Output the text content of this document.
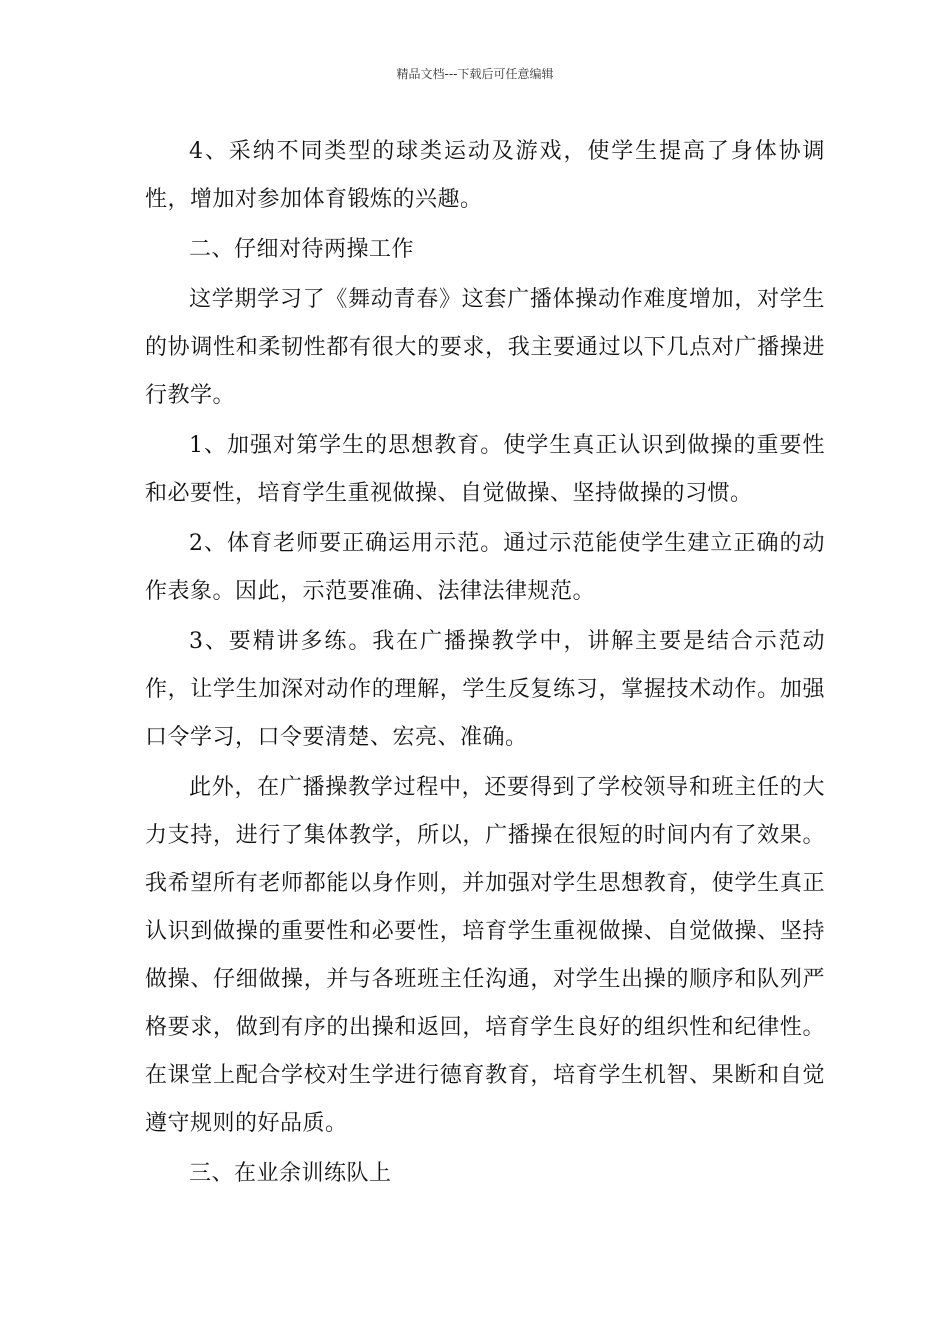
精品文档---下载后可任意编辑

4、采纳不同类型的球类运动及游戏，使学生提高了身体协调性，增加对参加体育锻炼的兴趣。

二、仔细对待两操工作

这学期学习了《舞动青春》这套广播体操动作难度增加，对学生的协调性和柔韧性都有很大的要求，我主要通过以下几点对广播操进行教学。

1、加强对第学生的思想教育。使学生真正认识到做操的重要性和必要性，培育学生重视做操、自觉做操、坚持做操的习惯。

2、体育老师要正确运用示范。通过示范能使学生建立正确的动作表象。因此，示范要准确、法律法律规范。

3、要精讲多练。我在广播操教学中，讲解主要是结合示范动作，让学生加深对动作的理解，学生反复练习，掌握技术动作。加强口令学习，口令要清楚、宏亮、准确。

此外，在广播操教学过程中，还要得到了学校领导和班主任的大力支持，进行了集体教学，所以，广播操在很短的时间内有了效果。我希望所有老师都能以身作则，并加强对学生思想教育，使学生真正认识到做操的重要性和必要性，培育学生重视做操、自觉做操、坚持做操、仔细做操，并与各班班主任沟通，对学生出操的顺序和队列严格要求，做到有序的出操和返回，培育学生良好的组织性和纪律性。在课堂上配合学校对生学进行德育教育，培育学生机智、果断和自觉遵守规则的好品质。

三、在业余训练队上
